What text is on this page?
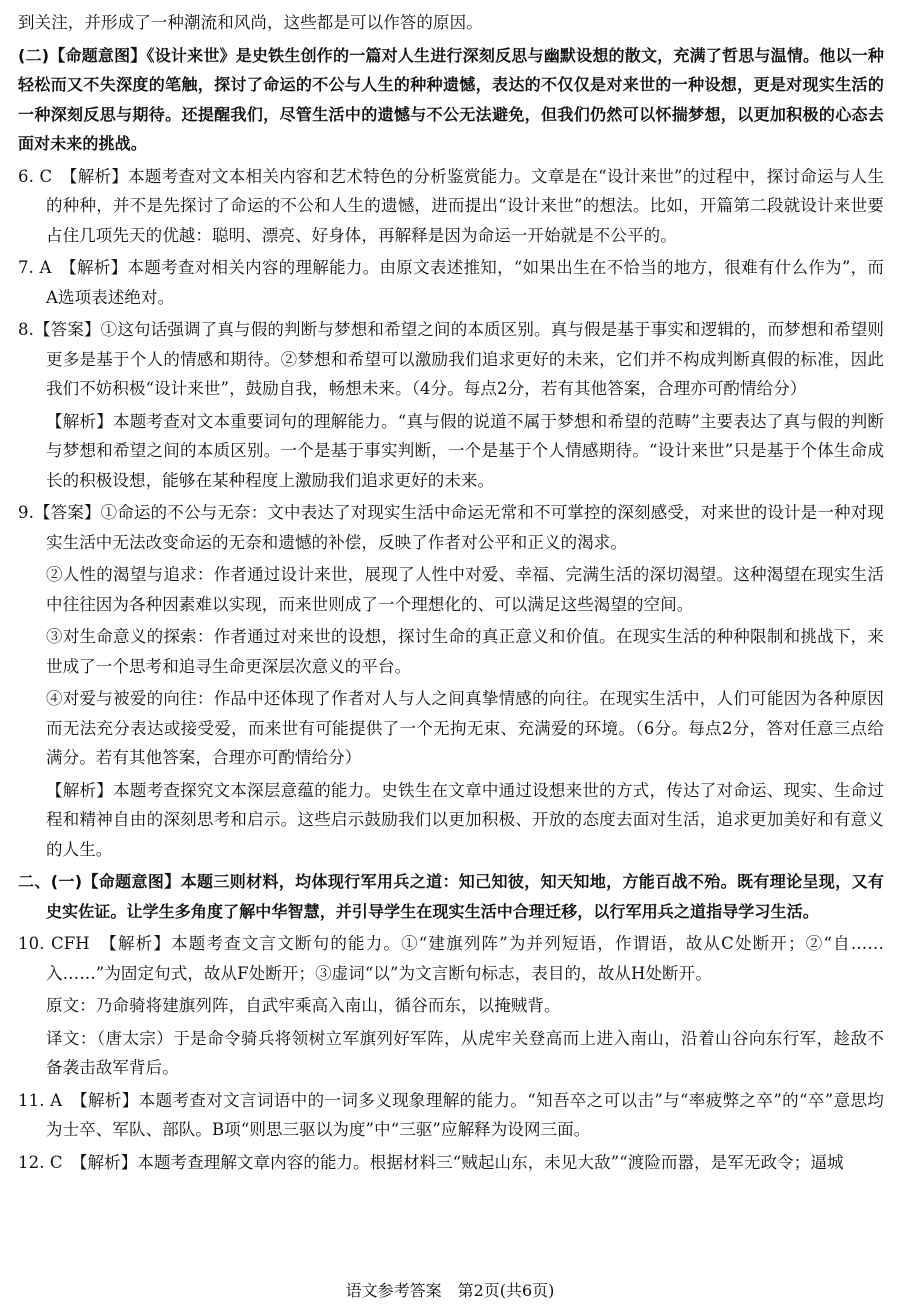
到关注，并形成了一种潮流和风尚，这些都是可以作答的原因。

(二)【命题意图】《设计来世》是史铁生创作的一篇对人生进行深刻反思与幽默设想的散文，充满了哲思与温情。他以一种轻松而又不失深度的笔触，探讨了命运的不公与人生的种种遗憾，表达的不仅仅是对来世的一种设想，更是对现实生活的一种深刻反思与期待。还提醒我们，尽管生活中的遗憾与不公无法避免，但我们仍然可以怀揣梦想，以更加积极的心态去面对未来的挑战。

6. C　【解析】本题考查对文本相关内容和艺术特色的分析鉴赏能力。文章是在“设计来世”的过程中，探讨命运与人生的种种，并不是先探讨了命运的不公和人生的遗憾，进而提出“设计来世”的想法。比如，开篇第二段就设计来世要占住几项先天的优越：聪明、漂亮、好身体，再解释是因为命运一开始就是不公平的。

7. A　【解析】本题考查对相关内容的理解能力。由原文表述推知，“如果出生在不恰当的地方，很难有什么作为”，而A选项表述绝对。

8.【答案】①这句话强调了真与假的判断与梦想和希望之间的本质区别。真与假是基于事实和逻辑的，而梦想和希望则更多是基于个人的情感和期待。②梦想和希望可以激励我们追求更好的未来，它们并不构成判断真假的标准，因此我们不妨积极“设计来世”，鼓励自我，畅想未来。（4分。每点2分，若有其他答案，合理亦可酌情给分）

【解析】本题考查对文本重要词句的理解能力。“真与假的说道不属于梦想和希望的范畴”主要表达了真与假的判断与梦想和希望之间的本质区别。一个是基于事实判断，一个是基于个人情感期待。“设计来世”只是基于个体生命成长的积极设想，能够在某种程度上激励我们追求更好的未来。

9.【答案】①命运的不公与无奈：文中表达了对现实生活中命运无常和不可掌控的深刻感受，对来世的设计是一种对现实生活中无法改变命运的无奈和遗憾的补偿，反映了作者对公平和正义的渴求。

②人性的渴望与追求：作者通过设计来世，展现了人性中对爱、幸福、完满生活的深切渴望。这种渴望在现实生活中往往因为各种因素难以实现，而来世则成了一个理想化的、可以满足这些渴望的空间。

③对生命意义的探索：作者通过对来世的设想，探讨生命的真正意义和价值。在现实生活的种种限制和挑战下，来世成了一个思考和追寻生命更深层次意义的平台。

④对爱与被爱的向往：作品中还体现了作者对人与人之间真挚情感的向往。在现实生活中，人们可能因为各种原因而无法充分表达或接受爱，而来世有可能提供了一个无拘无束、充满爱的环境。（6分。每点2分，答对任意三点给满分。若有其他答案，合理亦可酌情给分）

【解析】本题考查探究文本深层意蕴的能力。史铁生在文章中通过设想来世的方式，传达了对命运、现实、生命过程和精神自由的深刻思考和启示。这些启示鼓励我们以更加积极、开放的态度去面对生活，追求更加美好和有意义的人生。

二、(一)【命题意图】本题三则材料，均体现行军用兵之道：知己知彼，知天知地，方能百战不殆。既有理论呈现，又有史实佐证。让学生多角度了解中华智慧，并引导学生在现实生活中合理迁移，以行军用兵之道指导学习生活。

10. CFH　【解析】本题考查文言文断句的能力。①“建旗列阵”为并列短语，作谓语，故从C处断开；②“自……入……”为固定句式，故从F处断开；③虚词“以”为文言断句标志，表目的，故从H处断开。

原文：乃命骑将建旗列阵，自武牢乘高入南山，循谷而东，以掩贼背。

译文：（唐太宗）于是命令骑兵将领树立军旗列好军阵，从虎牢关登高而上进入南山，沿着山谷向东行军，趁敌不备袭击敌军背后。

11. A　【解析】本题考查对文言词语中的一词多义现象理解的能力。“知吾卒之可以击”与“率疲弊之卒”的“卒”意思均为士卒、军队、部队。B项“则思三驱以为度”中“三驱”应解释为设网三面。

12. C　【解析】本题考查理解文章内容的能力。根据材料三“贼起山东，未见大敌”“渡险而嚣，是军无政令；逼城

语文参考答案　第2页(共6页)
